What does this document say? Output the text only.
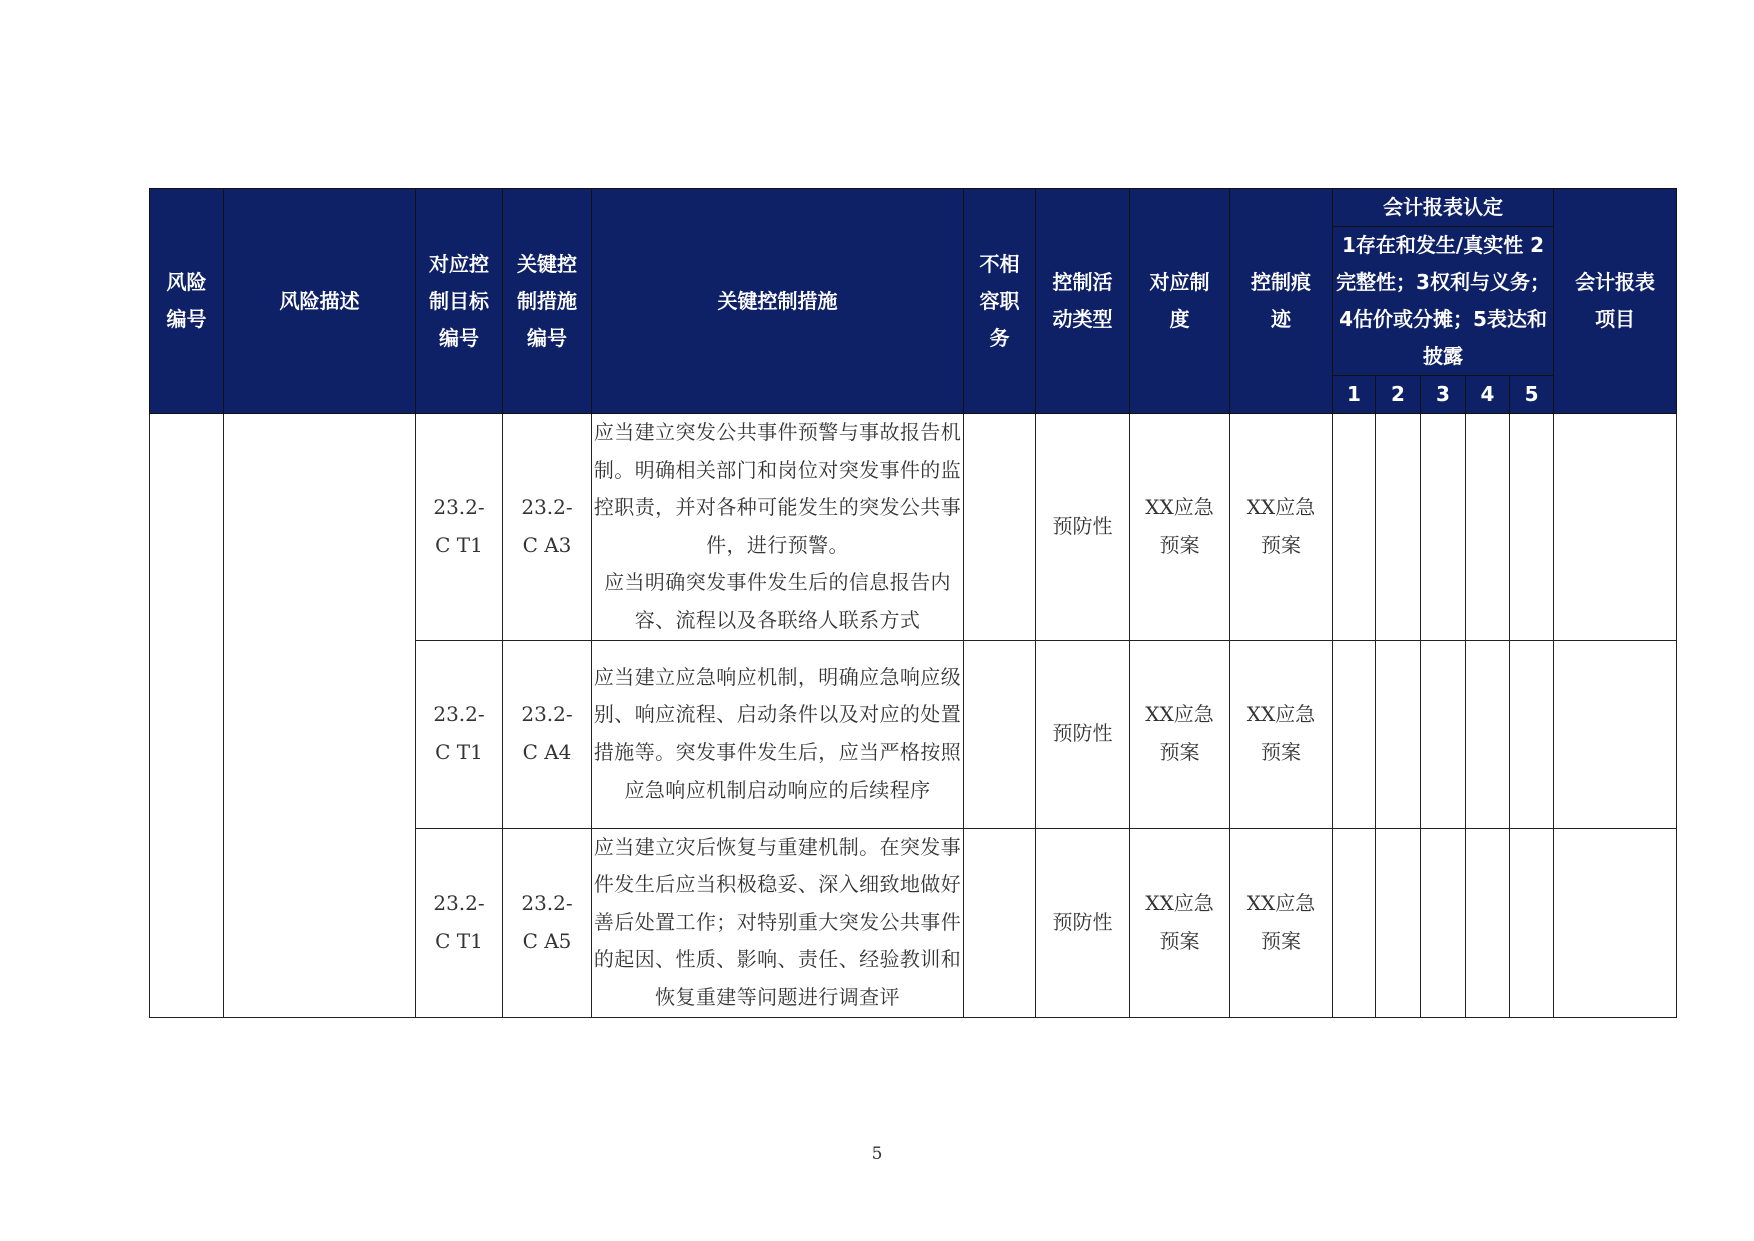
风险编号	风险描述	对应控制目标编号	关键控制措施编号	关键控制措施	不相容职务	控制活动类型	对应制度	控制痕迹	会计报表认定					会计报表项目
									1存在和发生/真实性 2完整性；3权利与义务；4估价或分摊；5表达和披露					
									1	2	3	4	5	
		23.2-C T1	23.2-C A3	应当建立突发公共事件预警与事故报告机制。明确相关部门和岗位对突发事件的监控职责，并对各种可能发生的突发公共事件，进行预警。
应当明确突发事件发生后的信息报告内容、流程以及各联络人联系方式		预防性	XX应急预案	XX应急预案						
		23.2-C T1	23.2-C A4	应当建立应急响应机制，明确应急响应级别、响应流程、启动条件以及对应的处置措施等。突发事件发生后，应当严格按照应急响应机制启动响应的后续程序		预防性	XX应急预案	XX应急预案						
		23.2-C T1	23.2-C A5	应当建立灾后恢复与重建机制。在突发事件发生后应当积极稳妥、深入细致地做好善后处置工作；对特别重大突发公共事件的起因、性质、影响、责任、经验教训和恢复重建等问题进行调查评		预防性	XX应急预案	XX应急预案						
5
